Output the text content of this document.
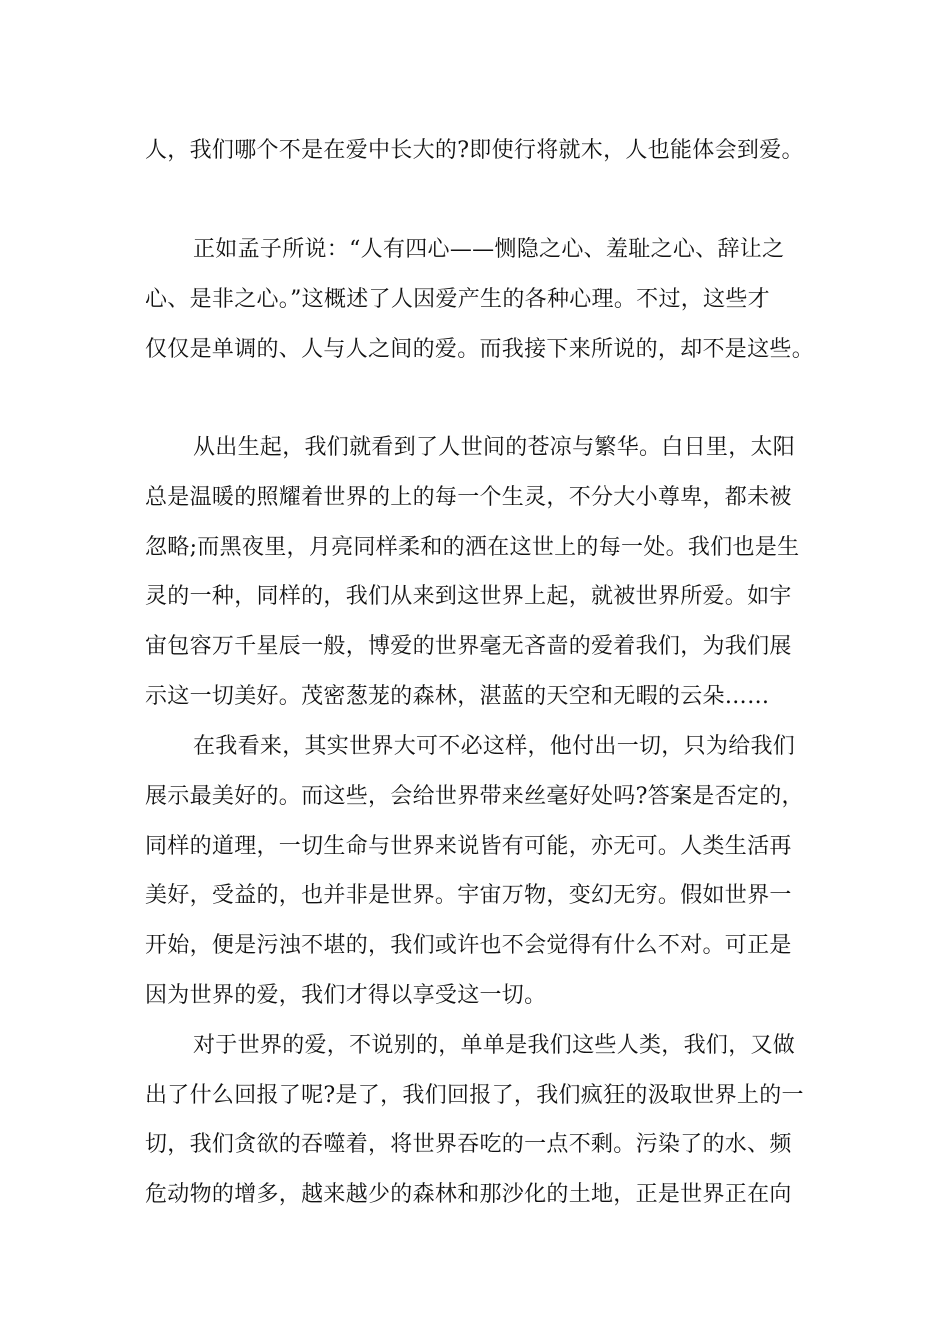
人，我们哪个不是在爱中长大的?即使行将就木，人也能体会到爱。
正如孟子所说：“人有四心——恻隐之心、羞耻之心、辞让之
心、是非之心。”这概述了人因爱产生的各种心理。不过，这些才
仅仅是单调的、人与人之间的爱。而我接下来所说的，却不是这些。
从出生起，我们就看到了人世间的苍凉与繁华。白日里，太阳
总是温暖的照耀着世界的上的每一个生灵，不分大小尊卑，都未被
忽略;而黑夜里，月亮同样柔和的洒在这世上的每一处。我们也是生
灵的一种，同样的，我们从来到这世界上起，就被世界所爱。如宇
宙包容万千星辰一般，博爱的世界毫无吝啬的爱着我们，为我们展
示这一切美好。茂密葱茏的森林，湛蓝的天空和无暇的云朵……
在我看来，其实世界大可不必这样，他付出一切，只为给我们
展示最美好的。而这些，会给世界带来丝毫好处吗?答案是否定的，
同样的道理，一切生命与世界来说皆有可能，亦无可。人类生活再
美好，受益的，也并非是世界。宇宙万物，变幻无穷。假如世界一
开始，便是污浊不堪的，我们或许也不会觉得有什么不对。可正是
因为世界的爱，我们才得以享受这一切。
对于世界的爱，不说别的，单单是我们这些人类，我们，又做
出了什么回报了呢?是了，我们回报了，我们疯狂的汲取世界上的一
切，我们贪欲的吞噬着，将世界吞吃的一点不剩。污染了的水、频
危动物的增多，越来越少的森林和那沙化的土地，正是世界正在向
